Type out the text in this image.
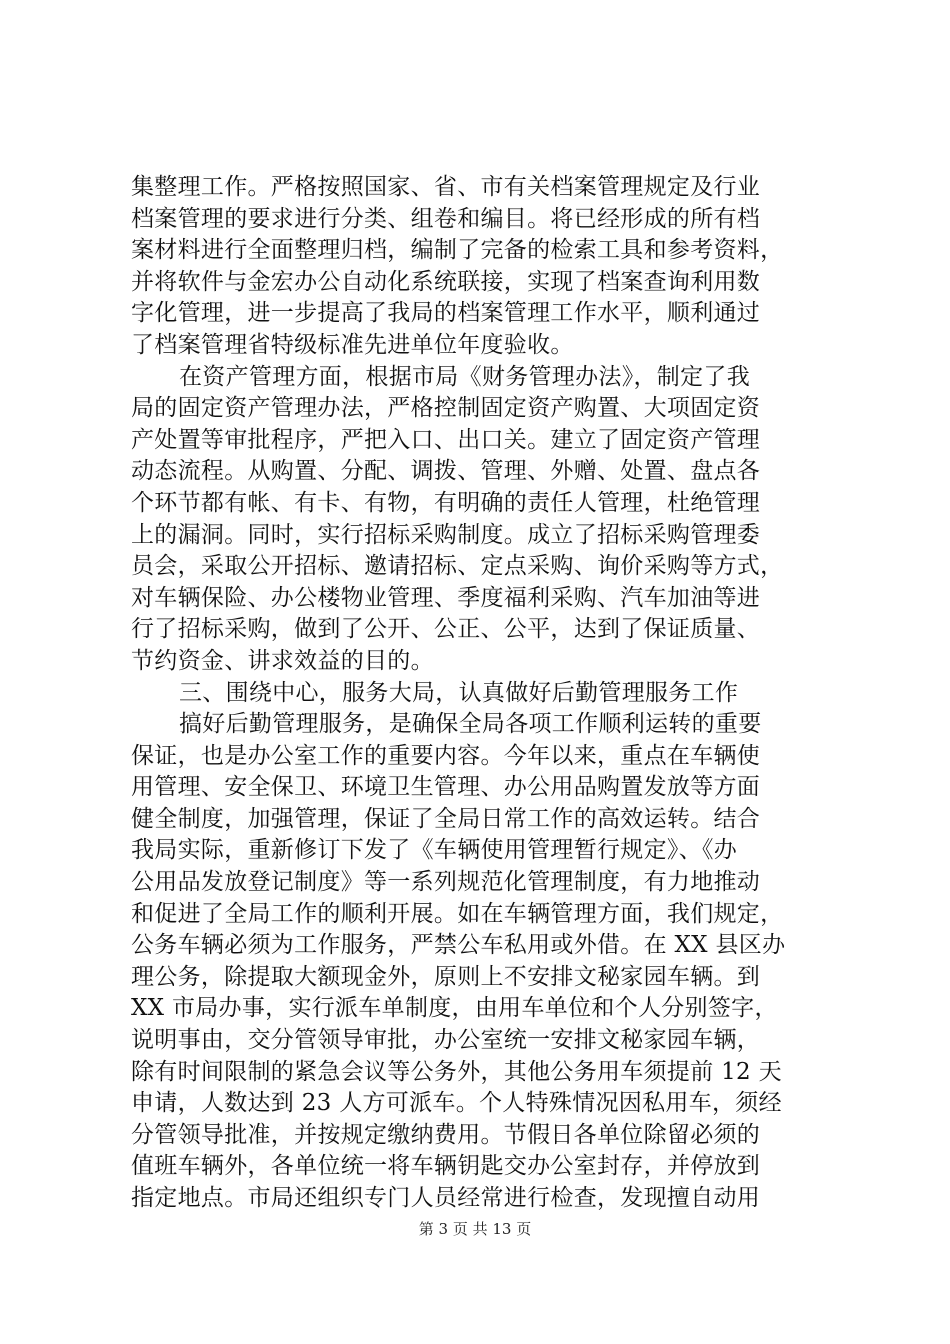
集整理工作。严格按照国家、省、市有关档案管理规定及行业
档案管理的要求进行分类、组卷和编目。将已经形成的所有档
案材料进行全面整理归档，编制了完备的检索工具和参考资料，
并将软件与金宏办公自动化系统联接，实现了档案查询利用数
字化管理，进一步提高了我局的档案管理工作水平，顺利通过
了档案管理省特级标准先进单位年度验收。
在资产管理方面，根据市局《财务管理办法》，制定了我
局的固定资产管理办法，严格控制固定资产购置、大项固定资
产处置等审批程序，严把入口、出口关。建立了固定资产管理
动态流程。从购置、分配、调拨、管理、外赠、处置、盘点各
个环节都有帐、有卡、有物，有明确的责任人管理，杜绝管理
上的漏洞。同时，实行招标采购制度。成立了招标采购管理委
员会，采取公开招标、邀请招标、定点采购、询价采购等方式，
对车辆保险、办公楼物业管理、季度福利采购、汽车加油等进
行了招标采购，做到了公开、公正、公平，达到了保证质量、
节约资金、讲求效益的目的。
三、围绕中心，服务大局，认真做好后勤管理服务工作
搞好后勤管理服务，是确保全局各项工作顺利运转的重要
保证，也是办公室工作的重要内容。今年以来，重点在车辆使
用管理、安全保卫、环境卫生管理、办公用品购置发放等方面
健全制度，加强管理，保证了全局日常工作的高效运转。结合
我局实际，重新修订下发了《车辆使用管理暂行规定》、《办
公用品发放登记制度》等一系列规范化管理制度，有力地推动
和促进了全局工作的顺利开展。如在车辆管理方面，我们规定，
公务车辆必须为工作服务，严禁公车私用或外借。在 XX 县区办
理公务，除提取大额现金外，原则上不安排文秘家园车辆。到
XX 市局办事，实行派车单制度，由用车单位和个人分别签字，
说明事由，交分管领导审批，办公室统一安排文秘家园车辆，
除有时间限制的紧急会议等公务外，其他公务用车须提前 12 天
申请，人数达到 23 人方可派车。个人特殊情况因私用车，须经
分管领导批准，并按规定缴纳费用。节假日各单位除留必须的
值班车辆外，各单位统一将车辆钥匙交办公室封存，并停放到
指定地点。市局还组织专门人员经常进行检查，发现擅自动用
第 3 页 共 13 页
